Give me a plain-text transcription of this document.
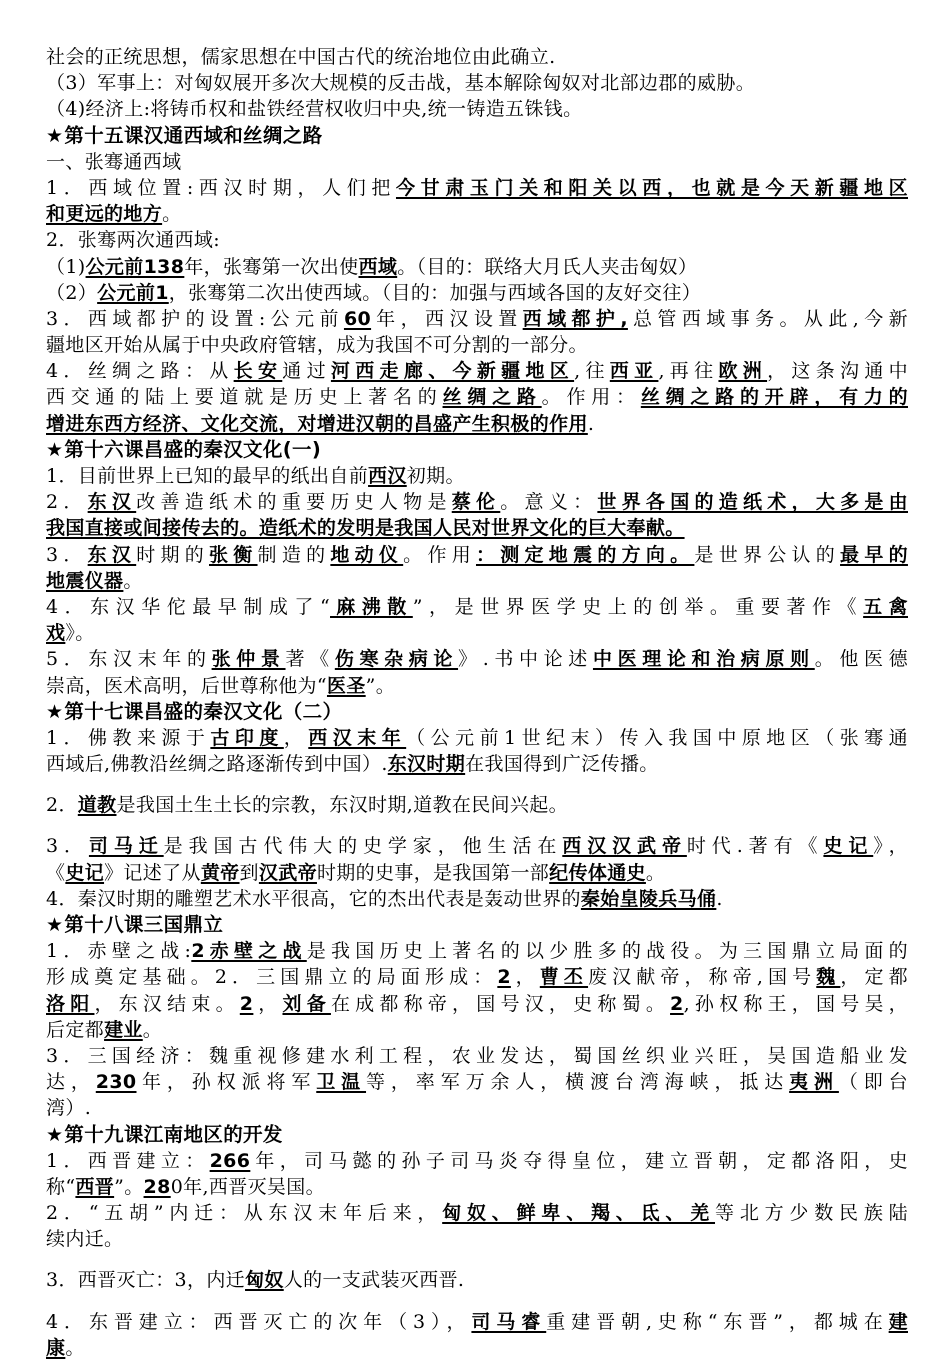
社会的正统思想，儒家思想在中国古代的统治地位由此确立.
（3）军事上：对匈奴展开多次大规模的反击战，基本解除匈奴对北部边郡的威胁。
（4)经济上:将铸币权和盐铁经营权收归中央,统一铸造五铢钱。
★第十五课汉通西域和丝绸之路
一、张骞通西域
1．西域位置:西汉时期，人们把今甘肃玉门关和阳关以西，也就是今天新疆地区
和更远的地方。
2．张骞两次通西域:
（1)公元前138年，张骞第一次出使西域。（目的：联络大月氏人夹击匈奴）
（2）公元前1，张骞第二次出使西域。（目的：加强与西域各国的友好交往）
3．西域都护的设置:公元前60年，西汉设置西域都护,总管西域事务。从此,今新
疆地区开始从属于中央政府管辖，成为我国不可分割的一部分。
4．丝绸之路：从长安通过河西走廊、今新疆地区,往西亚,再往欧洲，这条沟通中
西交通的陆上要道就是历史上著名的丝绸之路。作用：丝绸之路的开辟，有力的
增进东西方经济、文化交流，对增进汉朝的昌盛产生积极的作用.
★第十六课昌盛的秦汉文化(一)
1．目前世界上已知的最早的纸出自前西汉初期。
2．东汉改善造纸术的重要历史人物是蔡伦。意义：世界各国的造纸术，大多是由
我国直接或间接传去的。造纸术的发明是我国人民对世界文化的巨大奉献。
3．东汉时期的张衡制造的地动仪。作用：测定地震的方向。是世界公认的最早的
地震仪器。
4．东汉华佗最早制成了“麻沸散”，是世界医学史上的创举。重要著作《五禽
戏》。
5．东汉末年的张仲景著《伤寒杂病论》.书中论述中医理论和治病原则。他医德
崇高，医术高明，后世尊称他为“医圣”。
★第十七课昌盛的秦汉文化（二）
1．佛教来源于古印度，西汉末年（公元前1世纪末）传入我国中原地区（张骞通
西域后,佛教沿丝绸之路逐渐传到中国）.东汉时期在我国得到广泛传播。
2．道教是我国土生土长的宗教，东汉时期,道教在民间兴起。
3．司马迁是我国古代伟大的史学家，他生活在西汉汉武帝时代.著有《史记》，
《史记》记述了从黄帝到汉武帝时期的史事，是我国第一部纪传体通史。
4．秦汉时期的雕塑艺术水平很高，它的杰出代表是轰动世界的秦始皇陵兵马俑.
★第十八课三国鼎立
1．赤壁之战:2赤壁之战是我国历史上著名的以少胜多的战役。为三国鼎立局面的
形成奠定基础。2．三国鼎立的局面形成：2，曹丕废汉献帝，称帝,国号魏，定都
洛阳，东汉结束。2，刘备在成都称帝，国号汉，史称蜀。2,孙权称王，国号吴，
后定都建业。
3．三国经济：魏重视修建水利工程，农业发达，蜀国丝织业兴旺，吴国造船业发
达，230年，孙权派将军卫温等，率军万余人，横渡台湾海峡，抵达夷洲（即台
湾）.
★第十九课江南地区的开发
1．西晋建立：266年，司马懿的孙子司马炎夺得皇位，建立晋朝，定都洛阳，史
称“西晋”。280年,西晋灭吴国。
2．“五胡”内迁：从东汉末年后来，匈奴、鲜卑、羯、氐、羌等北方少数民族陆
续内迁。
3．西晋灭亡：3，内迁匈奴人的一支武装灭西晋.
4．东晋建立：西晋灭亡的次年（3），司马睿重建晋朝,史称“东晋”，都城在建
康。
